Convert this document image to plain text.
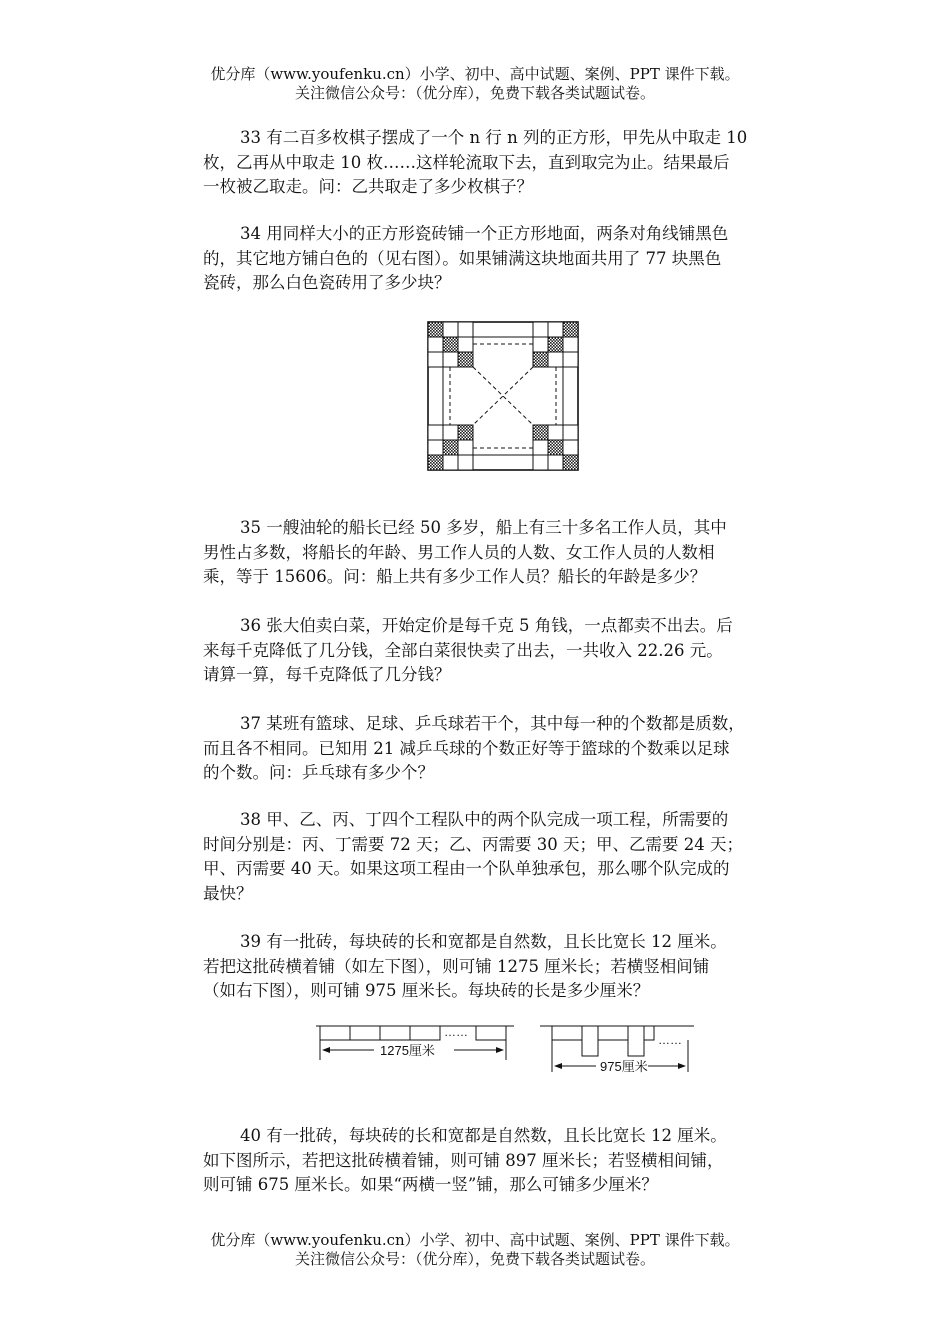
优分库（www.youfenku.cn）小学、初中、高中试题、案例、PPT 课件下载。
关注微信公众号：（优分库），免费下载各类试题试卷。

33 有二百多枚棋子摆成了一个 n 行 n 列的正方形，甲先从中取走 10

枚，乙再从中取走 10 枚……这样轮流取下去，直到取完为止。结果最后

一枚被乙取走。问：乙共取走了多少枚棋子？

34 用同样大小的正方形瓷砖铺一个正方形地面，两条对角线铺黑色

的，其它地方铺白色的（见右图）。如果铺满这块地面共用了 77 块黑色

瓷砖，那么白色瓷砖用了多少块？

35 一艘油轮的船长已经 50 多岁，船上有三十多名工作人员，其中

男性占多数，将船长的年龄、男工作人员的人数、女工作人员的人数相

乘，等于 15606。问：船上共有多少工作人员？船长的年龄是多少？

36 张大伯卖白菜，开始定价是每千克 5 角钱，一点都卖不出去。后

来每千克降低了几分钱，全部白菜很快卖了出去，一共收入 22.26 元。

请算一算，每千克降低了几分钱？

37 某班有篮球、足球、乒乓球若干个，其中每一种的个数都是质数，

而且各不相同。已知用 21 减乒乓球的个数正好等于篮球的个数乘以足球

的个数。问：乒乓球有多少个？

38 甲、乙、丙、丁四个工程队中的两个队完成一项工程，所需要的

时间分别是：丙、丁需要 72 天；乙、丙需要 30 天；甲、乙需要 24 天；

甲、丙需要 40 天。如果这项工程由一个队单独承包，那么哪个队完成的

最快？

39 有一批砖，每块砖的长和宽都是自然数，且长比宽长 12 厘米。

若把这批砖横着铺（如左下图），则可铺 1275 厘米长；若横竖相间铺

（如右下图），则可铺 975 厘米长。每块砖的长是多少厘米？

……
1275厘米
……
975厘米

40 有一批砖，每块砖的长和宽都是自然数，且长比宽长 12 厘米。

如下图所示，若把这批砖横着铺，则可铺 897 厘米长；若竖横相间铺，

则可铺 675 厘米长。如果“两横一竖”铺，那么可铺多少厘米？

优分库（www.youfenku.cn）小学、初中、高中试题、案例、PPT 课件下载。
关注微信公众号：（优分库），免费下载各类试题试卷。
